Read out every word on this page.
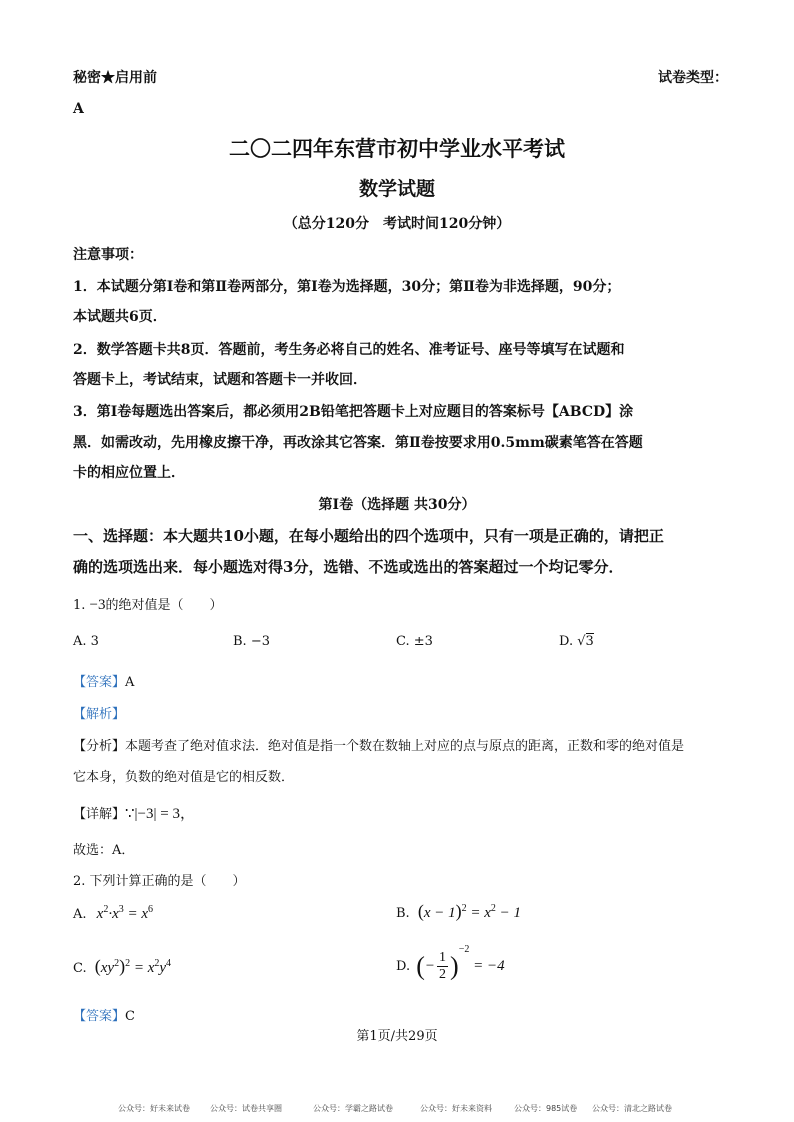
秘密★启用前	试卷类型：
A
二〇二四年东营市初中学业水平考试
数学试题
（总分120分　考试时间120分钟）
注意事项：
1．本试题分第Ⅰ卷和第Ⅱ卷两部分，第Ⅰ卷为选择题，30分；第Ⅱ卷为非选择题，90分；
本试题共6页．
2．数学答题卡共8页．答题前，考生务必将自己的姓名、准考证号、座号等填写在试题和
答题卡上，考试结束，试题和答题卡一并收回．
3．第Ⅰ卷每题选出答案后，都必须用2B铅笔把答题卡上对应题目的答案标号【ABCD】涂
黑．如需改动，先用橡皮擦干净，再改涂其它答案．第Ⅱ卷按要求用0.5mm碳素笔答在答题
卡的相应位置上．
第Ⅰ卷（选择题 共30分）
一、选择题：本大题共10小题，在每小题给出的四个选项中，只有一项是正确的，请把正
确的选项选出来．每小题选对得3分，选错、不选或选出的答案超过一个均记零分．
1. −3的绝对值是（　　）
A. 3	B. −3	C. ±3	D. √3
【答案】A
【解析】
【分析】本题考查了绝对值求法．绝对值是指一个数在数轴上对应的点与原点的距离，正数和零的绝对值是
它本身，负数的绝对值是它的相反数．
【详解】∵|−3| = 3，
故选：A．
2. 下列计算正确的是（　　）
A. $x^2\cdot x^3 = x^6$	B. $(x - 1)^2 = x^2 - 1$
C. $(xy^2)^2 = x^2y^4$	D. (− $\frac{1}{2} )^{-2} = -4$
【答案】C
第1页/共29页
公众号：好未来试卷	公众号：试卷共享圈	公众号：学霸之路试卷	公众号：好未来资料	公众号：985试卷 公众号：清北之路试卷
